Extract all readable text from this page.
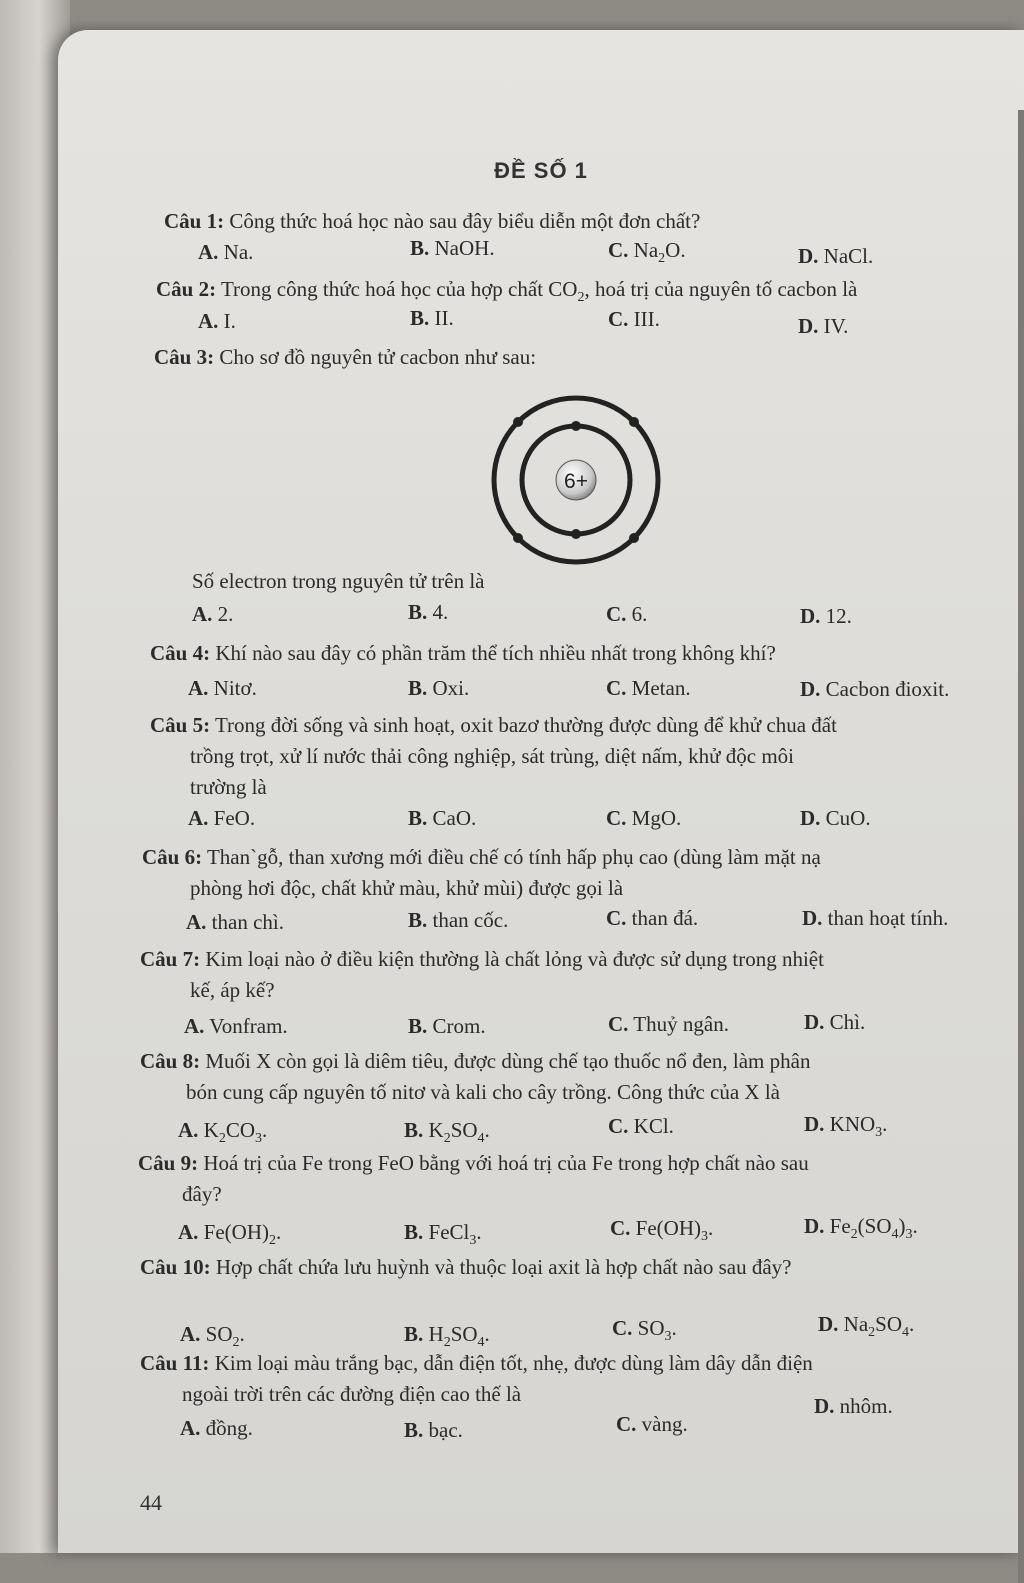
ĐỀ SỐ 1
Câu 1: Công thức hoá học nào sau đây biểu diễn một đơn chất?
A. Na.	B. NaOH.	C. $Na_2O$.	D. NaCl.
Câu 2: Trong công thức hoá học của hợp chất $CO_2$, hoá trị của nguyên tố cacbon là
A. I.	B. II.	C. III.	D. IV.
Câu 3: Cho sơ đồ nguyên tử cacbon như sau:
6+
Số electron trong nguyên tử trên là
A. 2.	B. 4.	C. 6.	D. 12.
Câu 4: Khí nào sau đây có phần trăm thể tích nhiều nhất trong không khí?
A. Nitơ.	B. Oxi.	C. Metan.	D. Cacbon đioxit.
Câu 5: Trong đời sống và sinh hoạt, oxit bazơ thường được dùng để khử chua đất
trồng trọt, xử lí nước thải công nghiệp, sát trùng, diệt nấm, khử độc môi
trường là
A. FeO.	B. CaO.	C. MgO.	D. CuO.
Câu 6: Than`gỗ, than xương mới điều chế có tính hấp phụ cao (dùng làm mặt nạ
phòng hơi độc, chất khử màu, khử mùi) được gọi là
A. than chì.	B. than cốc.	C. than đá.	D. than hoạt tính.
Câu 7: Kim loại nào ở điều kiện thường là chất lỏng và được sử dụng trong nhiệt
kế, áp kế?
A. Vonfram.	B. Crom.	C. Thuỷ ngân.	D. Chì.
Câu 8: Muối X còn gọi là diêm tiêu, được dùng chế tạo thuốc nổ đen, làm phân
bón cung cấp nguyên tố nitơ và kali cho cây trồng. Công thức của X là
A. $K_2CO_3$.	B. $K_2SO_4$.	C. KCl.	D. $KNO_3$.
Câu 9: Hoá trị của Fe trong FeO bằng với hoá trị của Fe trong hợp chất nào sau
đây?
A. $Fe(OH)_2$.	B. FeCl$_3$.	C. $Fe(OH)_3$.	D. $Fe_2(SO_4)_3$.
Câu 10: Hợp chất chứa lưu huỳnh và thuộc loại axit là hợp chất nào sau đây?
A. $SO_2$.	B. $H_2SO_4$.	C. $SO_3$.	D. $Na_2SO_4$.
Câu 11: Kim loại màu trắng bạc, dẫn điện tốt, nhẹ, được dùng làm dây dẫn điện
ngoài trời trên các đường điện cao thế là
A. đồng.	B. bạc.	C. vàng.
D. nhôm.
44
